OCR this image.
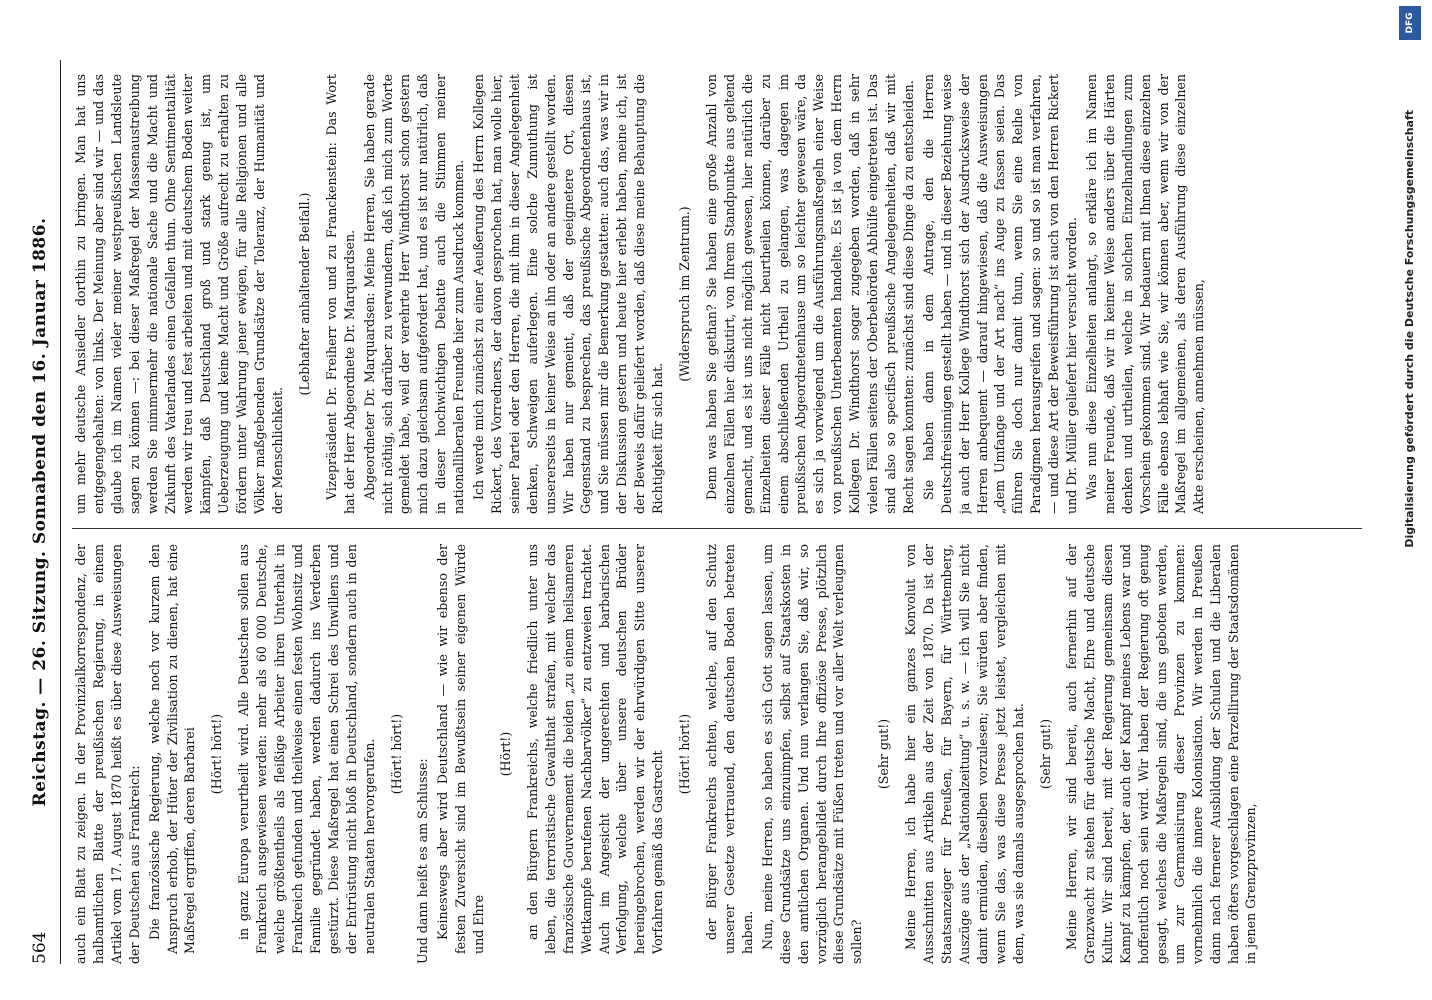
564
Reichstag. — 26. Sitzung. Sonnabend den 16. Januar 1886. auch ein Blatt zu zeigen. In der Provinzialkorrespondenz, der halbamtlichen Blatte der preußischen Regierung, in einem Artikel vom 17. August 1870 heißt es über diese Ausweisungen der Deutschen aus Frankreich: Die französische Regierung, welche noch vor kurzem den Anspruch erhob, der Hüter der Zivilisation zu dienen, hat eine Maßregel ergriffen, deren Barbarei (Hört! hört!) in ganz Europa verurtheilt wird. Alle Deutschen sollen aus Frankreich ausgewiesen werden: mehr als 60 000 Deutsche, welche größtentheils als fleißige Arbeiter ihren Unterhalt in Frankreich gefunden und theilweise einen festen Wohnsitz und Familie gegründet haben, werden dadurch ins Verderben gestürzt. Diese Maßregel hat einen Schrei des Unwillens und der Entrüstung nicht bloß in Deutschland, sondern auch in den neutralen Staaten hervorgerufen. (Hört! hört!)

Und dann heißt es am Schlusse: Keineswegs aber wird Deutschland — wie wir ebenso der festen Zuversicht sind im Bewußtsein seiner eigenen Würde und Ehre

(Hört!) an den Bürgern Frankreichs, welche friedlich unter uns leben, die terroristische Gewaltthat strafen, mit welcher das französische Gouvernement die beiden „zu einem heilsameren Wettkampfe berufenen Nachbarvölker“ zu entzweien trachtet. Auch im Angesicht der ungerechten und barbarischen Verfolgung, welche über unsere deutschen Brüder hereingebrochen, werden wir der ehrwürdigen Sitte unserer Vorfahren gemäß das Gastrecht (Hört! hört!) der Bürger Frankreichs achten, welche, auf den Schutz unserer Gesetze vertrauend, den deutschen Boden betreten haben. Nun, meine Herren, so haben es sich Gott sagen lassen, um diese Grundsätze uns einzuimpfen, selbst auf Staatskosten in den amtlichen Organen. Und nun verlangen Sie, daß wir, so vorzüglich herangebildet durch Ihre offiziöse Presse, plötzlich diese Grundsätze mit Füßen treten und vor aller Welt verleugnen sollen?

(Sehr gut!) Meine Herren, ich habe hier ein ganzes Konvolut von Ausschnitten aus Artikeln aus der Zeit von 1870. Da ist der Staatsanzeiger für Preußen, für Bayern, für Württemberg, Auszüge aus der „Nationalzeitung“ u. s. w. — ich will Sie nicht damit ermüden, dieselben vorzulesen; Sie würden aber finden, wenn Sie das, was diese Presse jetzt leistet, vergleichen mit dem, was sie damals ausgesprochen hat. (Sehr gut!) Meine Herren, wir sind bereit, auch fernerhin auf der Grenzwacht zu stehen für deutsche Macht, Ehre und deutsche Kultur. Wir sind bereit, mit der Regierung gemeinsam diesen Kampf zu kämpfen, der auch der Kampf meines Lebens war und hoffentlich noch sein wird. Wir haben der Regierung oft genug gesagt, welches die Maßregeln sind, die uns geboten werden, um zur Germanisirung dieser Provinzen zu kommen: vornehmlich die innere Kolonisation. Wir werden in Preußen dann nach fernerer Ausbildung der Schulen und die Liberalen haben öfters vorgeschlagen eine Parzellirung der Staatsdomänen in jenen Grenzprovinzen,

um mehr deutsche Ansiedler dorthin zu bringen. Man hat uns entgegengehalten: von links. Der Meinung aber sind wir — und das glaube ich im Namen vieler meiner westpreußischen Landsleute sagen zu können —: bei dieser Maßregel der Massenaustreibung werden Sie nimmermehr die nationale Sache und die Macht und Zukunft des Vaterlandes einen Gefallen thun. Ohne Sentimentalität werden wir treu und fest arbeiten und mit deutschem Boden weiter kämpfen, daß Deutschland groß und stark genug ist, um Ueberzeugung und keine Macht und Größe aufrecht zu erhalten zu fördern unter Wahrung jener ewigen, für alle Religionen und alle Völker maßgebenden Grundsätze der Toleranz, der Humanität und der Menschlichkeit.

(Lebhafter anhaltender Beifall.) Vizepräsident Dr. Freiherr von und zu Franckenstein: Das Wort hat der Herr Abgeordnete Dr. Marquardsen. Abgeordneter Dr. Marquardsen: Meine Herren, Sie haben gerade nicht nöthig, sich darüber zu verwundern, daß ich mich zum Worte gemeldet habe, weil der verehrte Herr Windthorst schon gestern mich dazu gleichsam aufgefordert hat, und es ist nur natürlich, daß in dieser hochwichtigen Debatte auch die Stimmen meiner nationalliberalen Freunde hier zum Ausdruck kommen. Ich werde mich zunächst zu einer Aeußerung des Herrn Kollegen Rickert, des Vorredners, der davon gesprochen hat, man wolle hier, seiner Partei oder den Herren, die mit ihm in dieser Angelegenheit denken, Schweigen auferlegen. Eine solche Zumuthung ist unsererseits in keiner Weise an ihn oder an andere gestellt worden. Wir haben nur gemeint, daß der geeignetere Ort, diesen Gegenstand zu besprechen, das preußische Abgeordnetenhaus ist, und Sie müssen mir die Bemerkung gestatten: auch das, was wir in der Diskussion gestern und heute hier erlebt haben, meine ich, ist der Beweis dafür geliefert worden, daß diese meine Behauptung die Richtigkeit für sich hat.

(Widerspruch im Zentrum.) Denn was haben Sie gethan? Sie haben eine große Anzahl von einzelnen Fällen hier diskutirt, von Ihrem Standpunkte aus geltend gemacht, und es ist uns nicht möglich gewesen, hier natürlich die Einzelheiten dieser Fälle nicht beurtheilen können, darüber zu einem abschließenden Urtheil zu gelangen, was dagegen im preußischen Abgeordnetenhause um so leichter gewesen wäre, da es sich ja vorwiegend um die Ausführungsmaßregeln einer Weise von preußischen Unterbeamten handelte. Es ist ja von dem Herrn Kollegen Dr. Windthorst sogar zugegeben worden, daß in sehr vielen Fällen seitens der Oberbehörden Abhülfe eingetreten ist. Das sind also so specifisch preußische Angelegenheiten, daß wir mit Recht sagen konnten: zunächst sind diese Dinge da zu entscheiden. Sie haben dann in dem Antrage, den die Herren Deutschfreisinnigen gestellt haben — und in dieser Beziehung weise ja auch der Herr Kollege Windthorst sich der Ausdrucksweise der Herren anbequemt — darauf hingewiesen, daß die Ausweisungen „dem Umfange und der Art nach“ ins Auge zu fassen seien. Das führen Sie doch nur damit thun, wenn Sie eine Reihe von Paradigmen herausgreifen und sagen: so und so ist man verfahren, — und diese Art der Beweisführung ist auch von den Herren Rickert und Dr. Müller geliefert hier versucht worden. Was nun diese Einzelheiten anlangt, so erkläre ich im Namen meiner Freunde, daß wir in keiner Weise anders über die Härten denken und urtheilen, welche in solchen Einzelhandlungen zum Vorschein gekommen sind. Wir bedauern mit Ihnen diese einzelnen Fälle ebenso lebhaft wie Sie, wir können aber, wenn wir von der Maßregel im allgemeinen, als deren Ausführung diese einzelnen Akte erscheinen, annehmen müssen,

DFG
Digitalisierung gefördert durch die Deutsche Forschungsgemeinschaft
